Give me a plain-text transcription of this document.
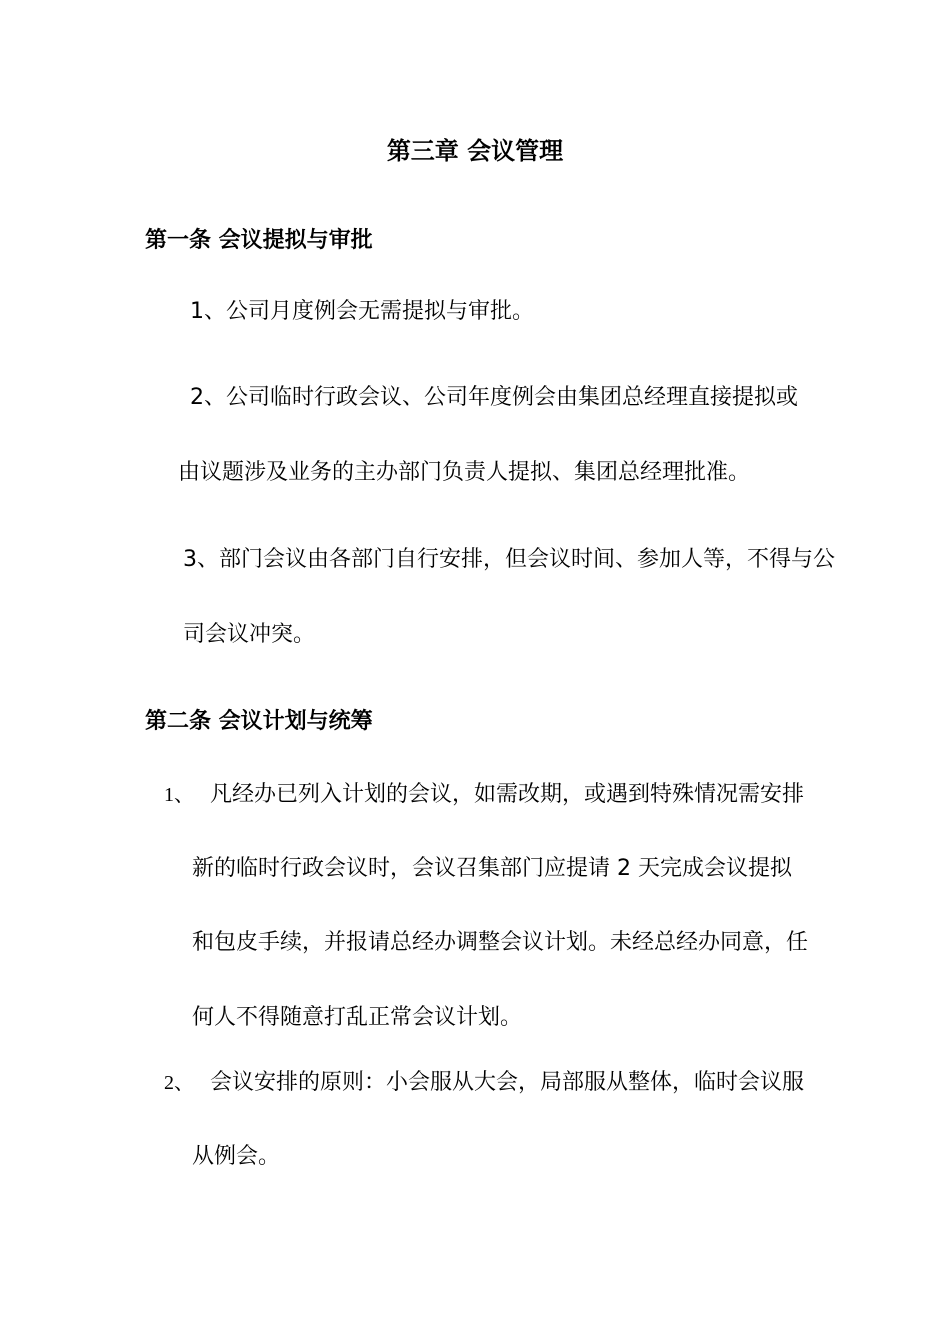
第三章 会议管理
第一条 会议提拟与审批
1、公司月度例会无需提拟与审批。
2、公司临时行政会议、公司年度例会由集团总经理直接提拟或
由议题涉及业务的主办部门负责人提拟、集团总经理批准。
3、部门会议由各部门自行安排，但会议时间、参加人等，不得与公
司会议冲突。
第二条 会议计划与统筹
1、 凡经办已列入计划的会议，如需改期，或遇到特殊情况需安排
新的临时行政会议时，会议召集部门应提请 2 天完成会议提拟
和包皮手续，并报请总经办调整会议计划。未经总经办同意，任
何人不得随意打乱正常会议计划。
2、 会议安排的原则：小会服从大会，局部服从整体，临时会议服
从例会。
